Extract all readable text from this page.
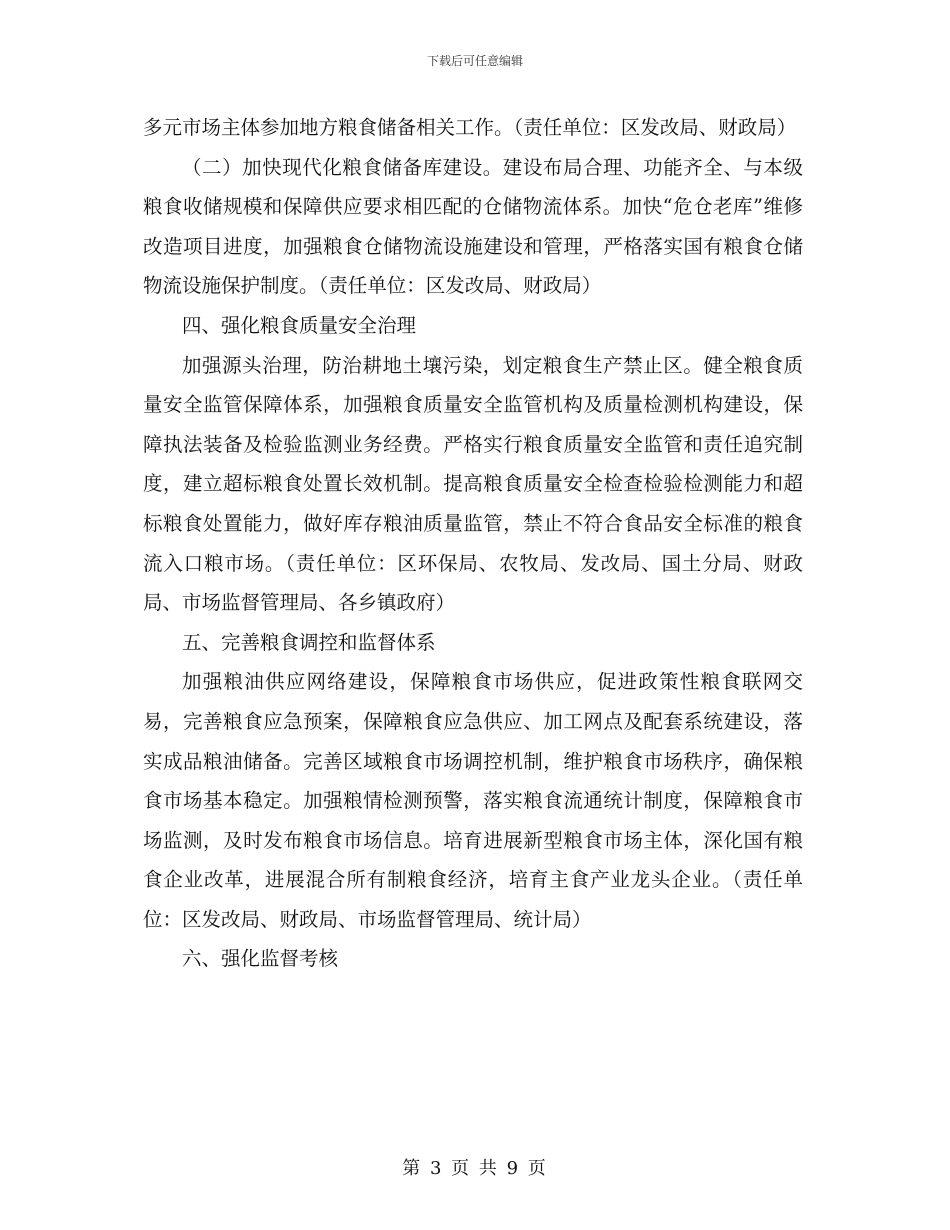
下载后可任意编辑

多元市场主体参加地方粮食储备相关工作。（责任单位：区发改局、财政局）

（二）加快现代化粮食储备库建设。建设布局合理、功能齐全、与本级粮食收储规模和保障供应要求相匹配的仓储物流体系。加快“危仓老库”维修改造项目进度，加强粮食仓储物流设施建设和管理，严格落实国有粮食仓储物流设施保护制度。（责任单位：区发改局、财政局）

四、强化粮食质量安全治理

加强源头治理，防治耕地土壤污染，划定粮食生产禁止区。健全粮食质量安全监管保障体系，加强粮食质量安全监管机构及质量检测机构建设，保障执法装备及检验监测业务经费。严格实行粮食质量安全监管和责任追究制度，建立超标粮食处置长效机制。提高粮食质量安全检查检验检测能力和超标粮食处置能力，做好库存粮油质量监管，禁止不符合食品安全标准的粮食流入口粮市场。（责任单位：区环保局、农牧局、发改局、国土分局、财政局、市场监督管理局、各乡镇政府）

五、完善粮食调控和监督体系

加强粮油供应网络建设，保障粮食市场供应，促进政策性粮食联网交易，完善粮食应急预案，保障粮食应急供应、加工网点及配套系统建设，落实成品粮油储备。完善区域粮食市场调控机制，维护粮食市场秩序，确保粮食市场基本稳定。加强粮情检测预警，落实粮食流通统计制度，保障粮食市场监测，及时发布粮食市场信息。培育进展新型粮食市场主体，深化国有粮食企业改革，进展混合所有制粮食经济，培育主食产业龙头企业。（责任单位：区发改局、财政局、市场监督管理局、统计局）

六、强化监督考核

第 3 页 共 9 页
